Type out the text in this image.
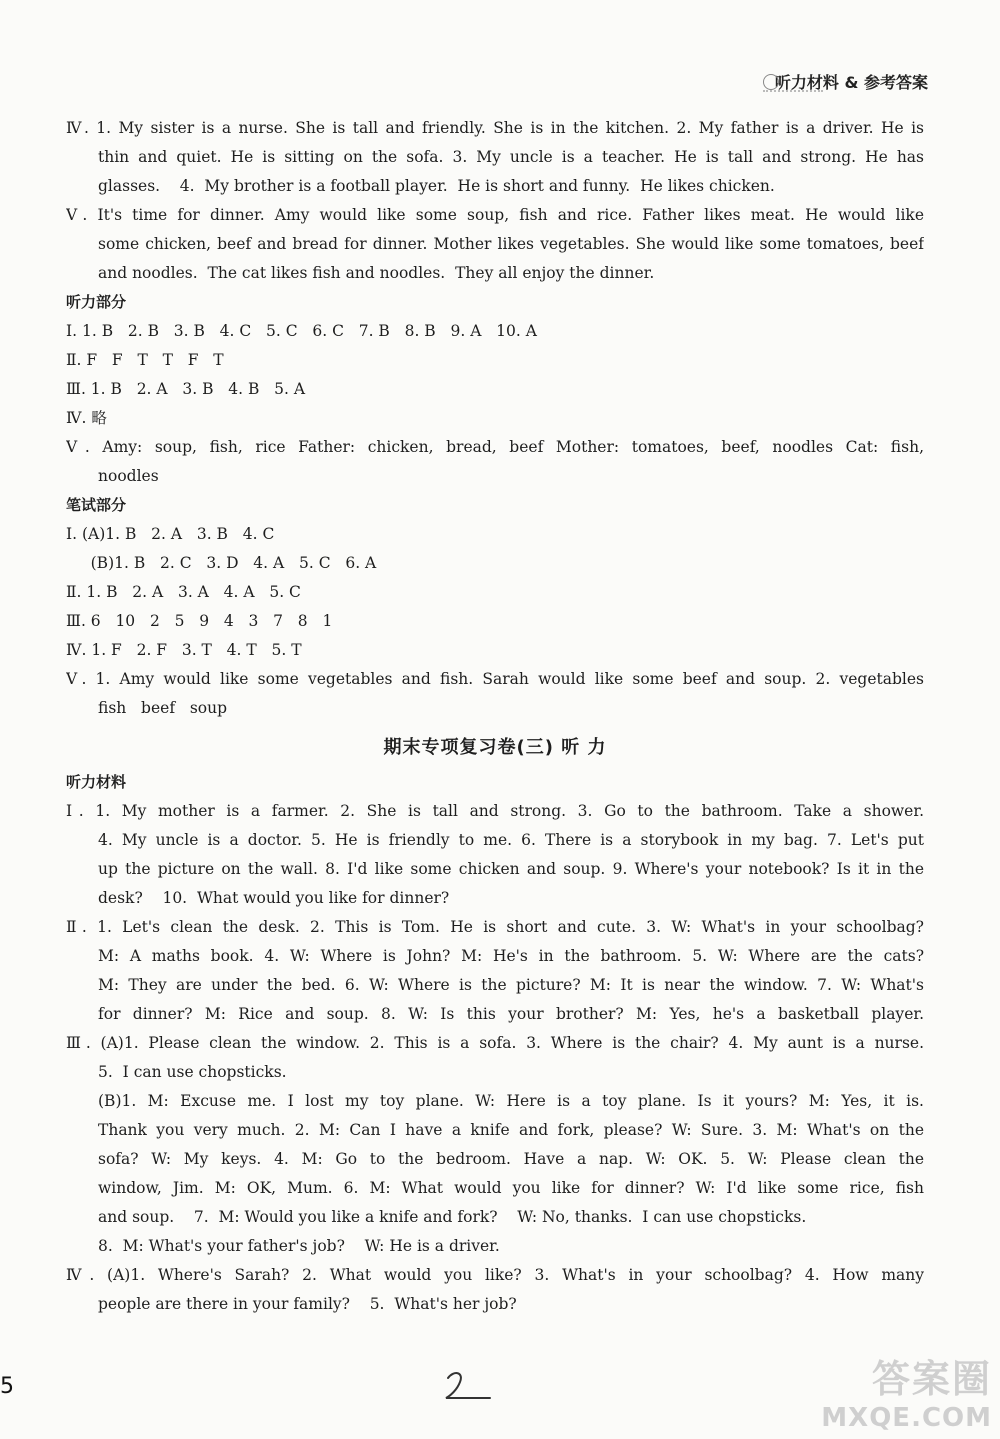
听力材料 & 参考答案
Ⅳ. 1. My sister is a nurse. She is tall and friendly. She is in the kitchen. 2. My father is a driver. He is
thin and quiet. He is sitting on the sofa. 3. My uncle is a teacher. He is tall and strong. He has
glasses.    4.  My brother is a football player.  He is short and funny.  He likes chicken.
Ⅴ. It's time for dinner. Amy would like some soup, fish and rice. Father likes meat. He would like
some chicken, beef and bread for dinner. Mother likes vegetables. She would like some tomatoes, beef
and noodles.  The cat likes fish and noodles.  They all enjoy the dinner.
听力部分
Ⅰ. 1. B   2. B   3. B   4. C   5. C   6. C   7. B   8. B   9. A   10. A
Ⅱ. F   F   T   T   F   T
Ⅲ. 1. B   2. A   3. B   4. B   5. A
Ⅳ. 略
Ⅴ. Amy: soup, fish, rice Father: chicken, bread, beef Mother: tomatoes, beef, noodles Cat: fish,
noodles
笔试部分
Ⅰ. (A)1. B   2. A   3. B   4. C
(B)1. B   2. C   3. D   4. A   5. C   6. A
Ⅱ. 1. B   2. A   3. A   4. A   5. C
Ⅲ. 6   10   2   5   9   4   3   7   8   1
Ⅳ. 1. F   2. F   3. T   4. T   5. T
Ⅴ. 1. Amy would like some vegetables and fish. Sarah would like some beef and soup. 2. vegetables
fish   beef   soup
期末专项复习卷(三) 听 力
听力材料
Ⅰ. 1. My mother is a farmer. 2. She is tall and strong. 3. Go to the bathroom. Take a shower.
4. My uncle is a doctor. 5. He is friendly to me. 6. There is a storybook in my bag. 7. Let's put
up the picture on the wall. 8. I'd like some chicken and soup. 9. Where's your notebook? Is it in the
desk?    10.  What would you like for dinner?
Ⅱ. 1. Let's clean the desk. 2. This is Tom. He is short and cute. 3. W: What's in your schoolbag?
M: A maths book. 4. W: Where is John? M: He's in the bathroom. 5. W: Where are the cats?
M: They are under the bed. 6. W: Where is the picture? M: It is near the window. 7. W: What's
for dinner? M: Rice and soup. 8. W: Is this your brother? M: Yes, he's a basketball player.
Ⅲ. (A)1. Please clean the window. 2. This is a sofa. 3. Where is the chair? 4. My aunt is a nurse.
5.  I can use chopsticks.
(B)1. M: Excuse me. I lost my toy plane. W: Here is a toy plane. Is it yours? M: Yes, it is.
Thank you very much. 2. M: Can I have a knife and fork, please? W: Sure. 3. M: What's on the
sofa? W: My keys. 4. M: Go to the bedroom. Have a nap. W: OK. 5. W: Please clean the
window, Jim. M: OK, Mum. 6. M: What would you like for dinner? W: I'd like some rice, fish
and soup.    7.  M: Would you like a knife and fork?    W: No, thanks.  I can use chopsticks.
8.  M: What's your father's job?    W: He is a driver.
Ⅳ. (A)1. Where's Sarah? 2. What would you like? 3. What's in your schoolbag? 4. How many
people are there in your family?    5.  What's her job?
5	答案圈
MXQE.COM
